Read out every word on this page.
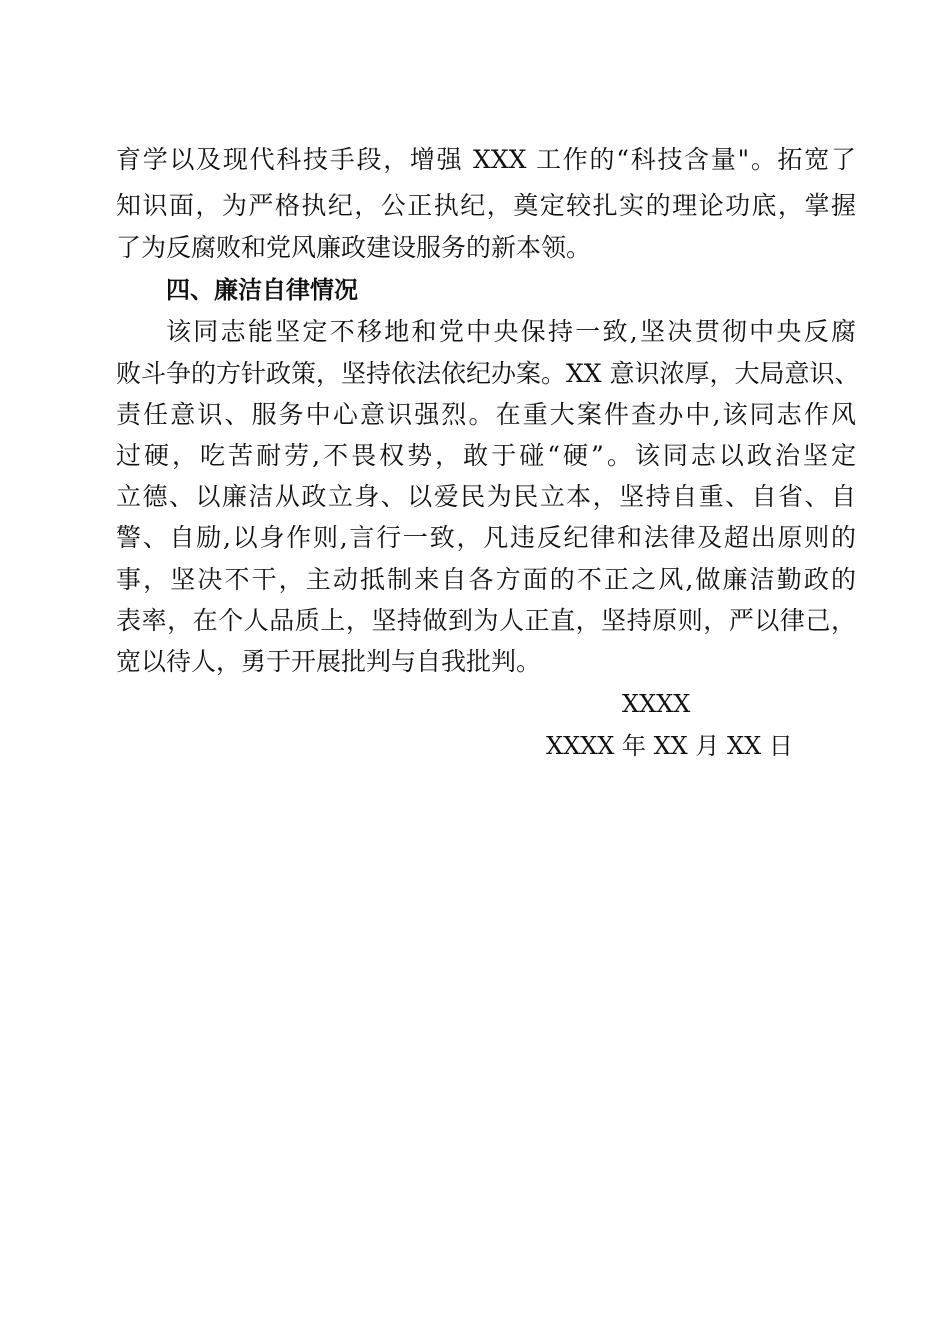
育学以及现代科技手段，增强 XXX 工作的“科技含量"。拓宽了
知识面，为严格执纪，公正执纪，奠定较扎实的理论功底，掌握
了为反腐败和党风廉政建设服务的新本领。
四、廉洁自律情况
该同志能坚定不移地和党中央保持一致,坚决贯彻中央反腐
败斗争的方针政策，坚持依法依纪办案。XX 意识浓厚，大局意识、
责任意识、服务中心意识强烈。在重大案件查办中,该同志作风
过硬，吃苦耐劳,不畏权势，敢于碰“硬”。该同志以政治坚定
立德、以廉洁从政立身、以爱民为民立本，坚持自重、自省、自
警、自励,以身作则,言行一致，凡违反纪律和法律及超出原则的
事，坚决不干，主动抵制来自各方面的不正之风,做廉洁勤政的
表率，在个人品质上，坚持做到为人正直，坚持原则，严以律己，
宽以待人，勇于开展批判与自我批判。
XXXX
XXXX 年 XX 月 XX 日
